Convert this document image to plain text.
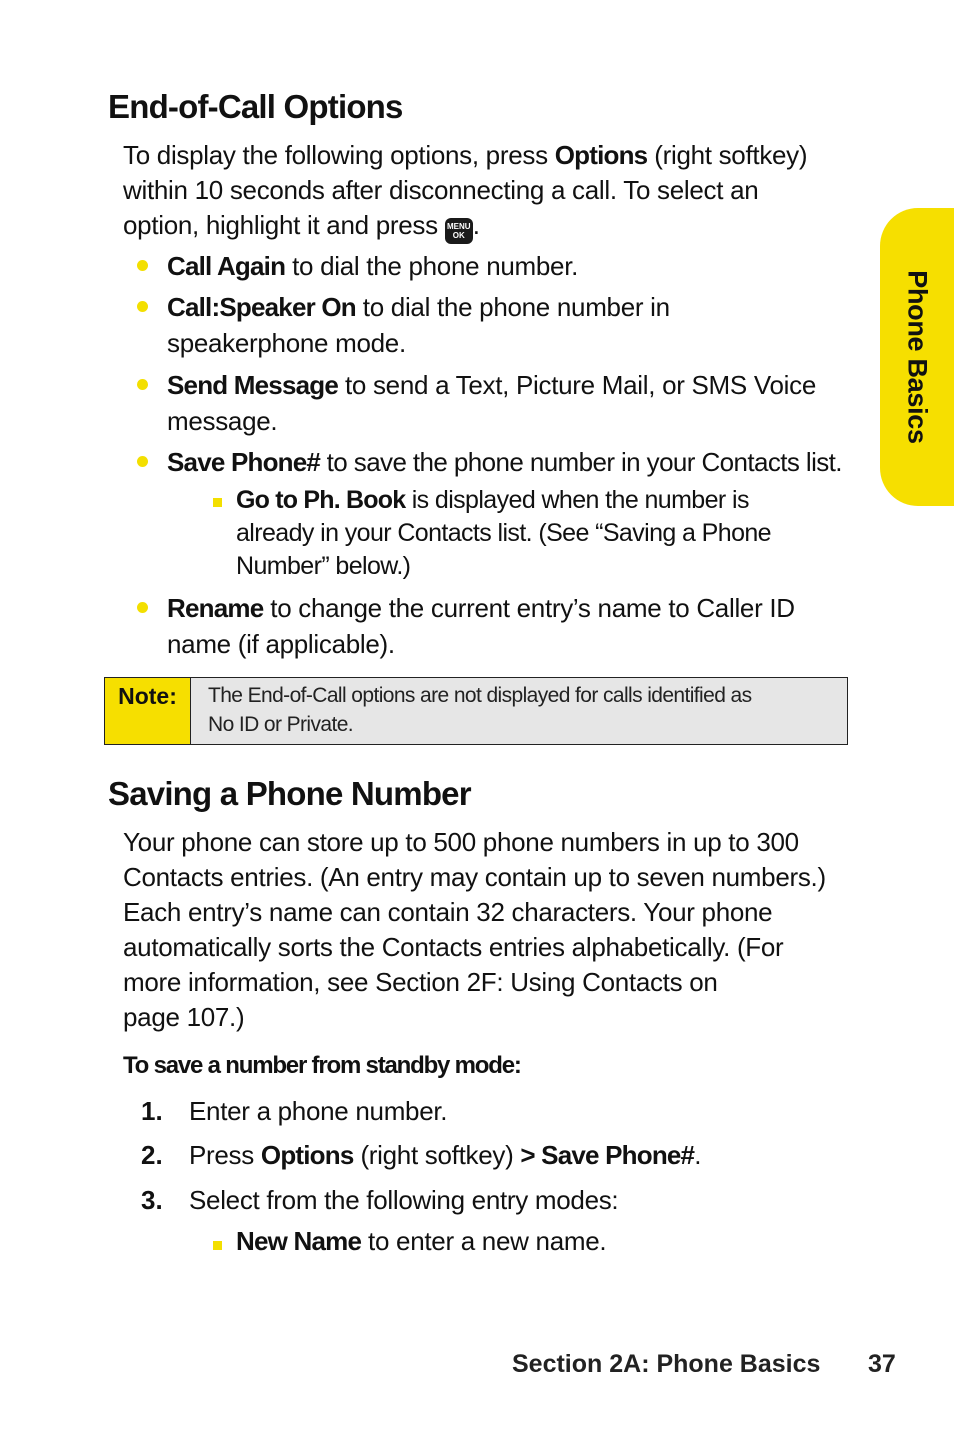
Phone Basics
End-of-Call Options
To display the following options, press Options (right softkey)
within 10 seconds after disconnecting a call. To select an
option, highlight it and press MENU
OK .
Call Again to dial the phone number.
Call:Speaker On to dial the phone number in
speakerphone mode.
Send Message to send a Text, Picture Mail, or SMS Voice
message.
Save Phone# to save the phone number in your Contacts list.
Go to Ph. Book is displayed when the number is
already in your Contacts list. (See “Saving a Phone
Number” below.)
Rename to change the current entry’s name to Caller ID
name (if applicable).
Note:	The End-of-Call options are not displayed for calls identified as
No ID or Private.
Saving a Phone Number
Your phone can store up to 500 phone numbers in up to 300
Contacts entries. (An entry may contain up to seven numbers.)
Each entry’s name can contain 32 characters. Your phone
automatically sorts the Contacts entries alphabetically. (For
more information, see Section 2F: Using Contacts on
page 107.)
To save a number from standby mode:
1. Enter a phone number.
2. Press Options (right softkey) > Save Phone#.
3. Select from the following entry modes:
New Name to enter a new name.
Section 2A: Phone Basics 37
